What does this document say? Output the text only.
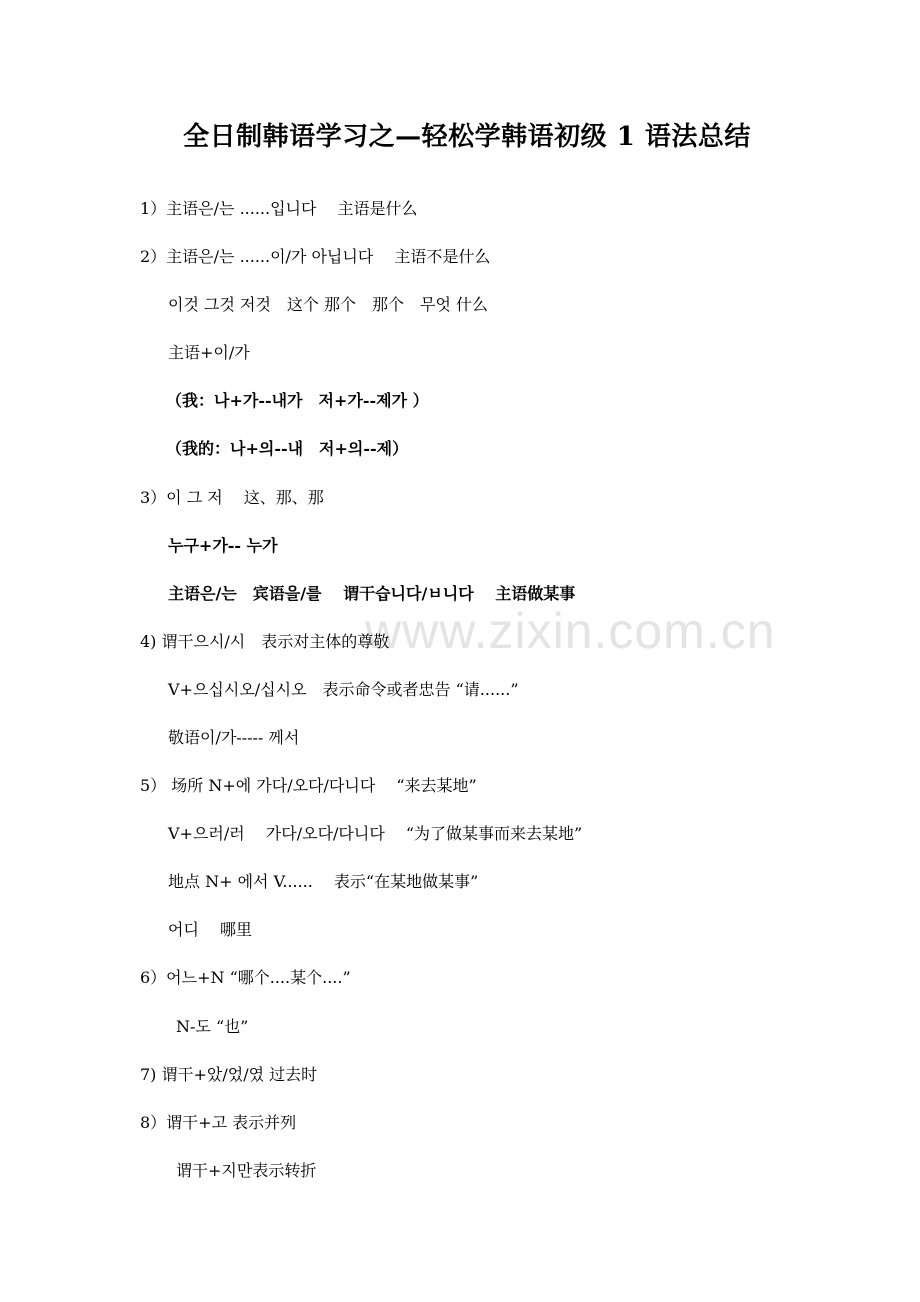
www.zixin.com.cn
全日制韩语学习之—轻松学韩语初级 1 语法总结
1）主语은/는 ......입니다　 主语是什么
2）主语은/는 ......이/가 아닙니다　 主语不是什么
이것 그것 저것　这个 那个　那个　무엇 什么
主语+이/가
（我：나+가--내가　저+가--제가 ）
（我的：나+의--내　저+의--제）
3）이 그 저　 这、那、那
누구+가-- 누가
主语은/는　宾语을/를　 谓干습니다/ㅂ니다　 主语做某事
4) 谓干으시/시　表示对主体的尊敬
V+으십시오/십시오　表示命令或者忠告 “请......”
敬语이/가----- 께서
5） 场所 N+에 가다/오다/다니다　 “来去某地”
V+으러/러　 가다/오다/다니다　 “为了做某事而来去某地”
地点 N+ 에서 V......　 表示“在某地做某事”
어디　 哪里
6）어느+N “哪个....某个....”
N-도 “也”
7) 谓干+았/었/였 过去时
8）谓干+고 表示并列
谓干+지만表示转折
